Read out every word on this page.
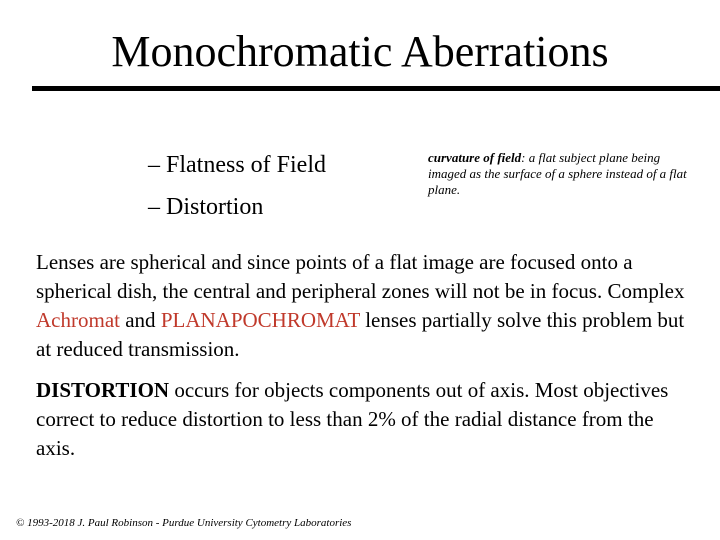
Monochromatic Aberrations
– Flatness of Field
– Distortion
curvature of field: a flat subject plane being imaged as the surface of a sphere instead of a flat plane.

Lenses are spherical and since points of a flat image are focused onto a spherical dish, the central and peripheral zones will not be in focus. Complex Achromat and PLANAPOCHROMAT lenses partially solve this problem but at reduced transmission.

DISTORTION occurs for objects components out of axis. Most objectives correct to reduce distortion to less than 2% of the radial distance from the axis.

© 1993-2018 J. Paul Robinson - Purdue University Cytometry Laboratories
